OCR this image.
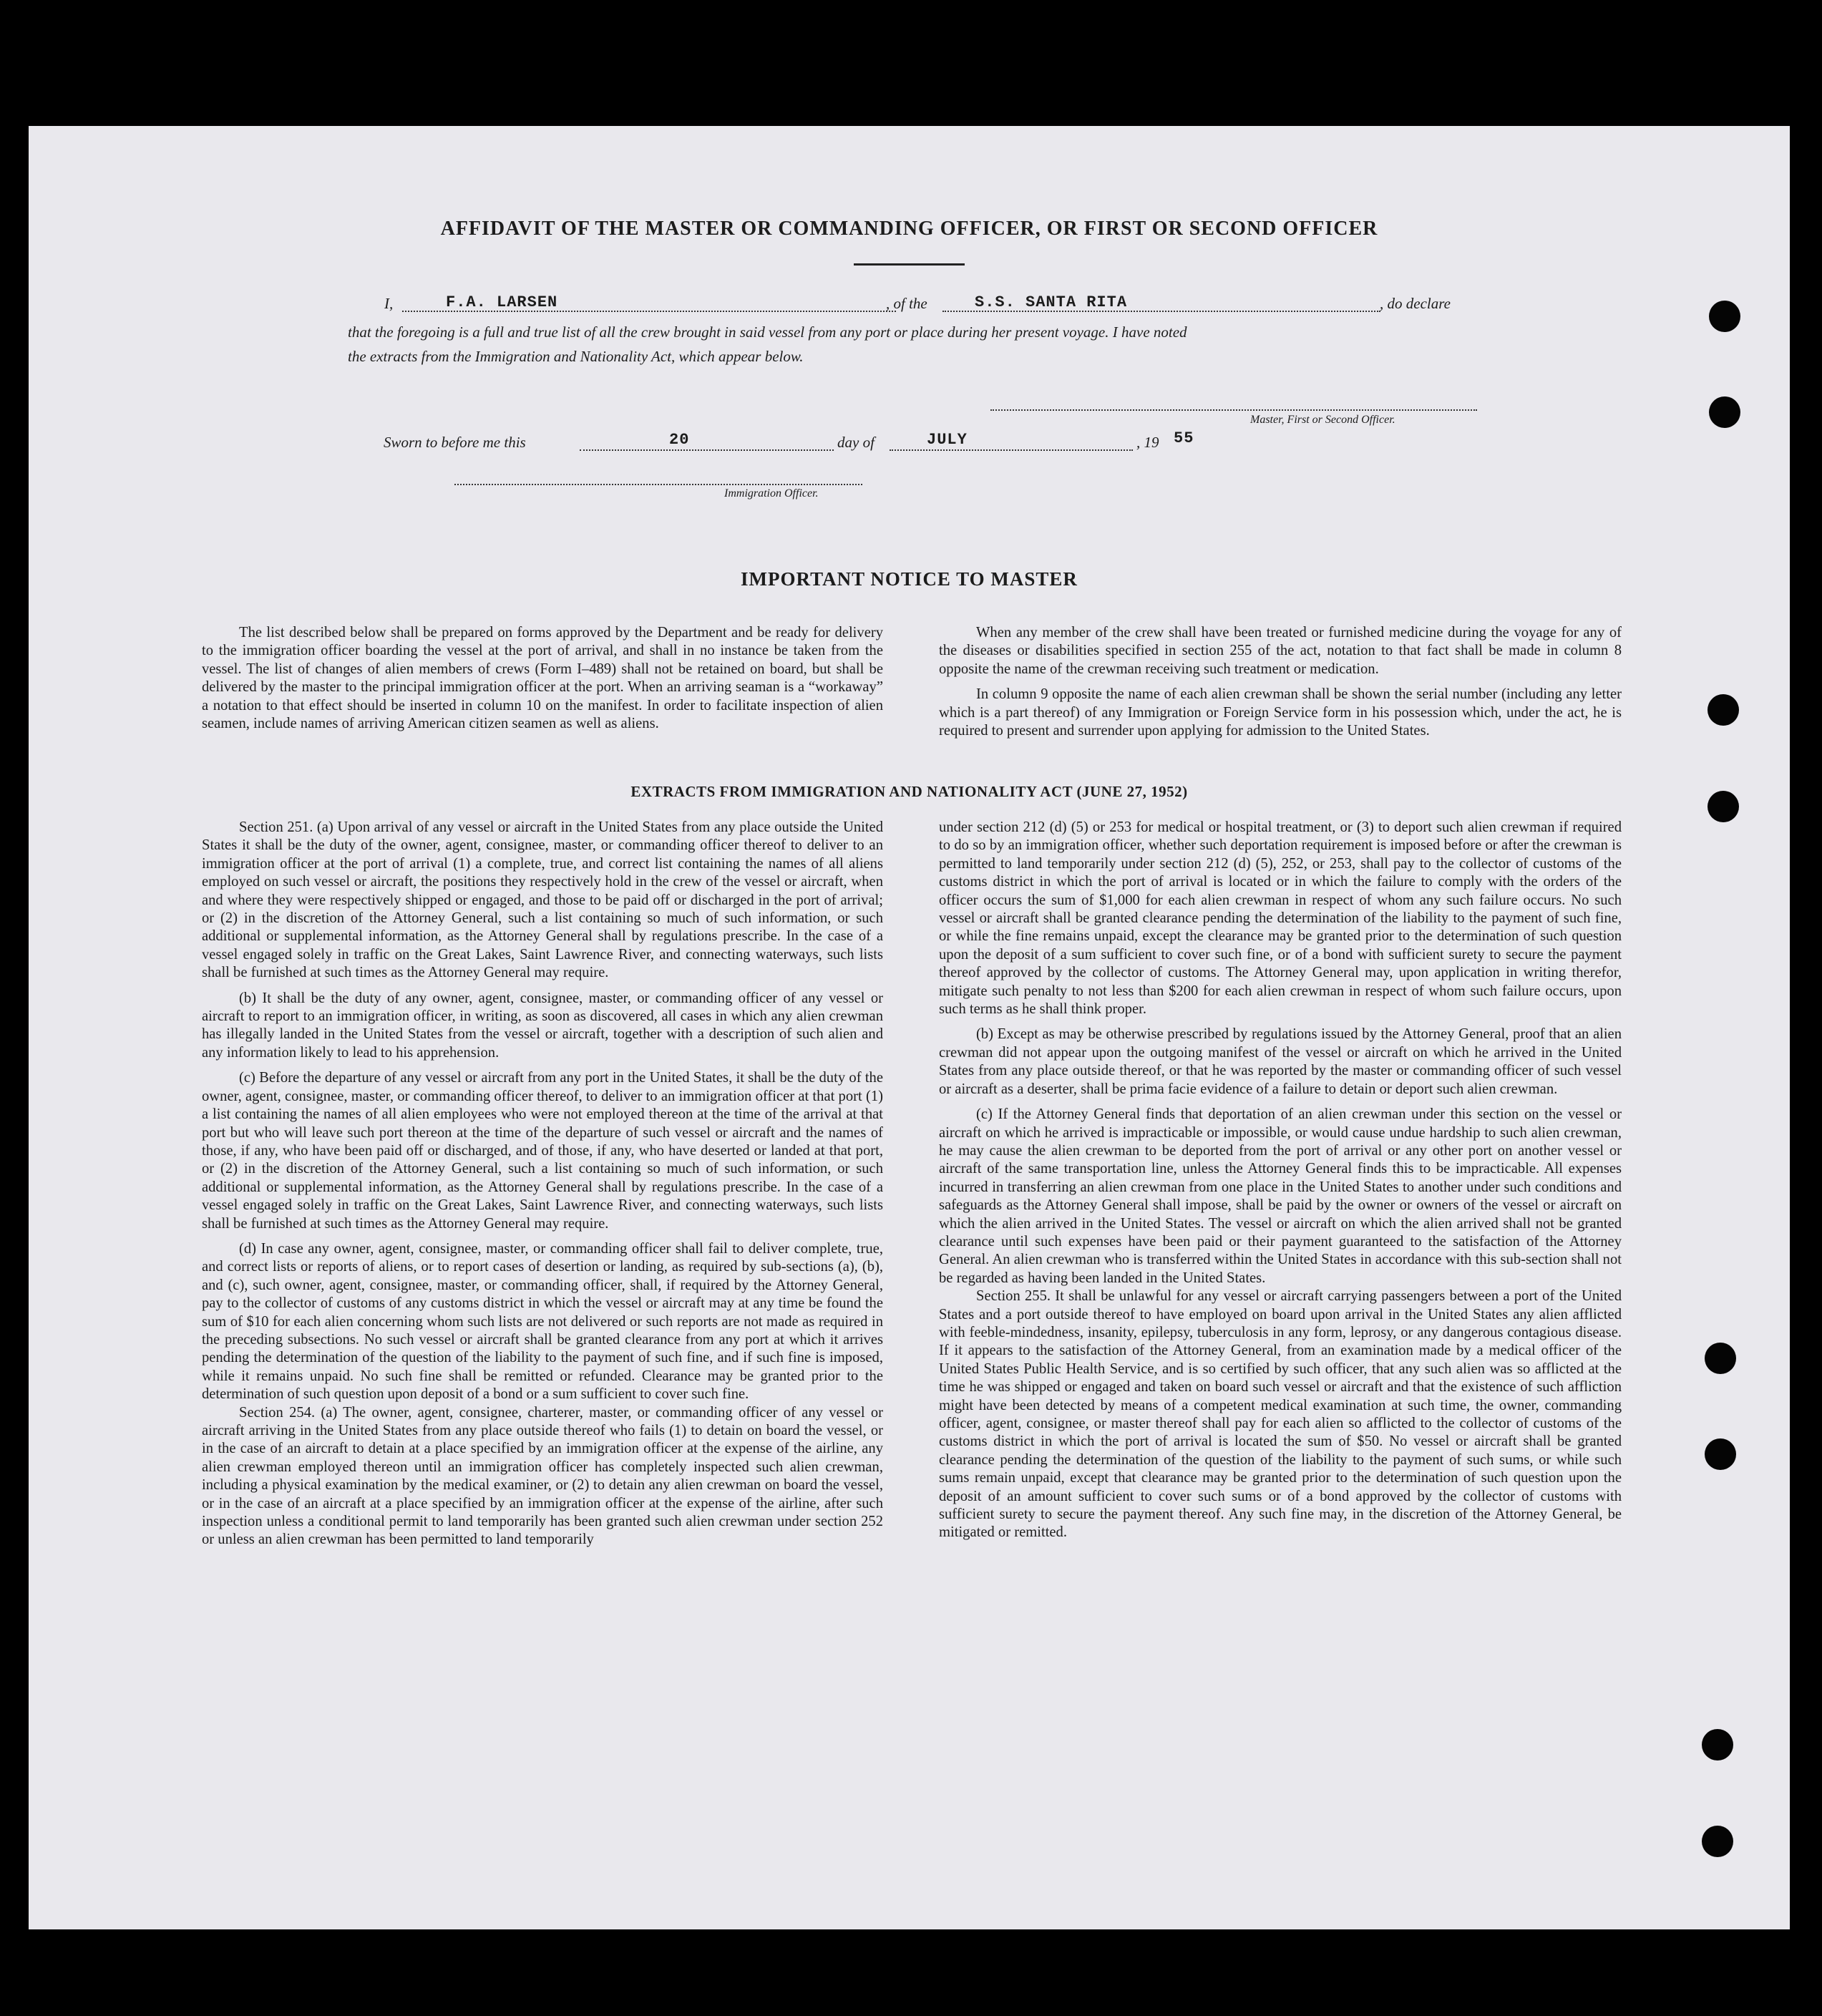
AFFIDAVIT OF THE MASTER OR COMMANDING OFFICER, OR FIRST OR SECOND OFFICER
I,	F.A. LARSEN	, of the	S.S. SANTA RITA	, do declare
that the foregoing is a full and true list of all the crew brought in said vessel from any port or place during her present voyage. I have noted
the extracts from the Immigration and Nationality Act, which appear below.
Master, First or Second Officer.
Sworn to before me this	20	day of	JULY	, 19 55
Immigration Officer.
IMPORTANT NOTICE TO MASTER

The list described below shall be prepared on forms approved by the Department and be ready for delivery to the immigration officer boarding the vessel at the port of arrival, and shall in no instance be taken from the vessel. The list of changes of alien members of crews (Form I–489) shall not be retained on board, but shall be delivered by the master to the principal immigration officer at the port. When an arriving seaman is a “workaway” a notation to that effect should be inserted in column 10 on the manifest. In order to facilitate inspection of alien seamen, include names of arriving American citizen seamen as well as aliens.

When any member of the crew shall have been treated or furnished medicine during the voyage for any of the diseases or disabilities specified in section 255 of the act, notation to that fact shall be made in column 8 opposite the name of the crewman receiving such treatment or medication.

In column 9 opposite the name of each alien crewman shall be shown the serial number (including any letter which is a part thereof) of any Immigration or Foreign Service form in his possession which, under the act, he is required to present and surrender upon applying for admission to the United States.

EXTRACTS FROM IMMIGRATION AND NATIONALITY ACT (JUNE 27, 1952)

Section 251. (a) Upon arrival of any vessel or aircraft in the United States from any place outside the United States it shall be the duty of the owner, agent, consignee, master, or commanding officer thereof to deliver to an immigration officer at the port of arrival (1) a complete, true, and correct list containing the names of all aliens employed on such vessel or aircraft, the positions they respectively hold in the crew of the vessel or aircraft, when and where they were respectively shipped or engaged, and those to be paid off or discharged in the port of arrival; or (2) in the discretion of the Attorney General, such a list containing so much of such information, or such additional or supplemental information, as the Attorney General shall by regulations prescribe. In the case of a vessel engaged solely in traffic on the Great Lakes, Saint Lawrence River, and connecting waterways, such lists shall be furnished at such times as the Attorney General may require.

(b) It shall be the duty of any owner, agent, consignee, master, or commanding officer of any vessel or aircraft to report to an immigration officer, in writing, as soon as discovered, all cases in which any alien crewman has illegally landed in the United States from the vessel or aircraft, together with a description of such alien and any information likely to lead to his apprehension.

(c) Before the departure of any vessel or aircraft from any port in the United States, it shall be the duty of the owner, agent, consignee, master, or commanding officer thereof, to deliver to an immigration officer at that port (1) a list containing the names of all alien employees who were not employed thereon at the time of the arrival at that port but who will leave such port thereon at the time of the departure of such vessel or aircraft and the names of those, if any, who have been paid off or discharged, and of those, if any, who have deserted or landed at that port, or (2) in the discretion of the Attorney General, such a list containing so much of such information, or such additional or supplemental information, as the Attorney General shall by regulations prescribe. In the case of a vessel engaged solely in traffic on the Great Lakes, Saint Lawrence River, and connecting waterways, such lists shall be furnished at such times as the Attorney General may require.

(d) In case any owner, agent, consignee, master, or commanding officer shall fail to deliver complete, true, and correct lists or reports of aliens, or to report cases of desertion or landing, as required by sub-sections (a), (b), and (c), such owner, agent, consignee, master, or commanding officer, shall, if required by the Attorney General, pay to the collector of customs of any customs district in which the vessel or aircraft may at any time be found the sum of $10 for each alien concerning whom such lists are not delivered or such reports are not made as required in the preceding subsections. No such vessel or aircraft shall be granted clearance from any port at which it arrives pending the determination of the question of the liability to the payment of such fine, and if such fine is imposed, while it remains unpaid. No such fine shall be remitted or refunded. Clearance may be granted prior to the determination of such question upon deposit of a bond or a sum sufficient to cover such fine.

Section 254. (a) The owner, agent, consignee, charterer, master, or commanding officer of any vessel or aircraft arriving in the United States from any place outside thereof who fails (1) to detain on board the vessel, or in the case of an aircraft to detain at a place specified by an immigration officer at the expense of the airline, any alien crewman employed thereon until an immigration officer has completely inspected such alien crewman, including a physical examination by the medical examiner, or (2) to detain any alien crewman on board the vessel, or in the case of an aircraft at a place specified by an immigration officer at the expense of the airline, after such inspection unless a conditional permit to land temporarily has been granted such alien crewman under section 252 or unless an alien crewman has been permitted to land temporarily

under section 212 (d) (5) or 253 for medical or hospital treatment, or (3) to deport such alien crewman if required to do so by an immigration officer, whether such deportation requirement is imposed before or after the crewman is permitted to land temporarily under section 212 (d) (5), 252, or 253, shall pay to the collector of customs of the customs district in which the port of arrival is located or in which the failure to comply with the orders of the officer occurs the sum of $1,000 for each alien crewman in respect of whom any such failure occurs. No such vessel or aircraft shall be granted clearance pending the determination of the liability to the payment of such fine, or while the fine remains unpaid, except the clearance may be granted prior to the determination of such question upon the deposit of a sum sufficient to cover such fine, or of a bond with sufficient surety to secure the payment thereof approved by the collector of customs. The Attorney General may, upon application in writing therefor, mitigate such penalty to not less than $200 for each alien crewman in respect of whom such failure occurs, upon such terms as he shall think proper.

(b) Except as may be otherwise prescribed by regulations issued by the Attorney General, proof that an alien crewman did not appear upon the outgoing manifest of the vessel or aircraft on which he arrived in the United States from any place outside thereof, or that he was reported by the master or commanding officer of such vessel or aircraft as a deserter, shall be prima facie evidence of a failure to detain or deport such alien crewman.

(c) If the Attorney General finds that deportation of an alien crewman under this section on the vessel or aircraft on which he arrived is impracticable or impossible, or would cause undue hardship to such alien crewman, he may cause the alien crewman to be deported from the port of arrival or any other port on another vessel or aircraft of the same transportation line, unless the Attorney General finds this to be impracticable. All expenses incurred in transferring an alien crewman from one place in the United States to another under such conditions and safeguards as the Attorney General shall impose, shall be paid by the owner or owners of the vessel or aircraft on which the alien arrived in the United States. The vessel or aircraft on which the alien arrived shall not be granted clearance until such expenses have been paid or their payment guaranteed to the satisfaction of the Attorney General. An alien crewman who is transferred within the United States in accordance with this sub-section shall not be regarded as having been landed in the United States.

Section 255. It shall be unlawful for any vessel or aircraft carrying passengers between a port of the United States and a port outside thereof to have employed on board upon arrival in the United States any alien afflicted with feeble-mindedness, insanity, epilepsy, tuberculosis in any form, leprosy, or any dangerous contagious disease. If it appears to the satisfaction of the Attorney General, from an examination made by a medical officer of the United States Public Health Service, and is so certified by such officer, that any such alien was so afflicted at the time he was shipped or engaged and taken on board such vessel or aircraft and that the existence of such affliction might have been detected by means of a competent medical examination at such time, the owner, commanding officer, agent, consignee, or master thereof shall pay for each alien so afflicted to the collector of customs of the customs district in which the port of arrival is located the sum of $50. No vessel or aircraft shall be granted clearance pending the determination of the question of the liability to the payment of such sums, or while such sums remain unpaid, except that clearance may be granted prior to the determination of such question upon the deposit of an amount sufficient to cover such sums or of a bond approved by the collector of customs with sufficient surety to secure the payment thereof. Any such fine may, in the discretion of the Attorney General, be mitigated or remitted.
